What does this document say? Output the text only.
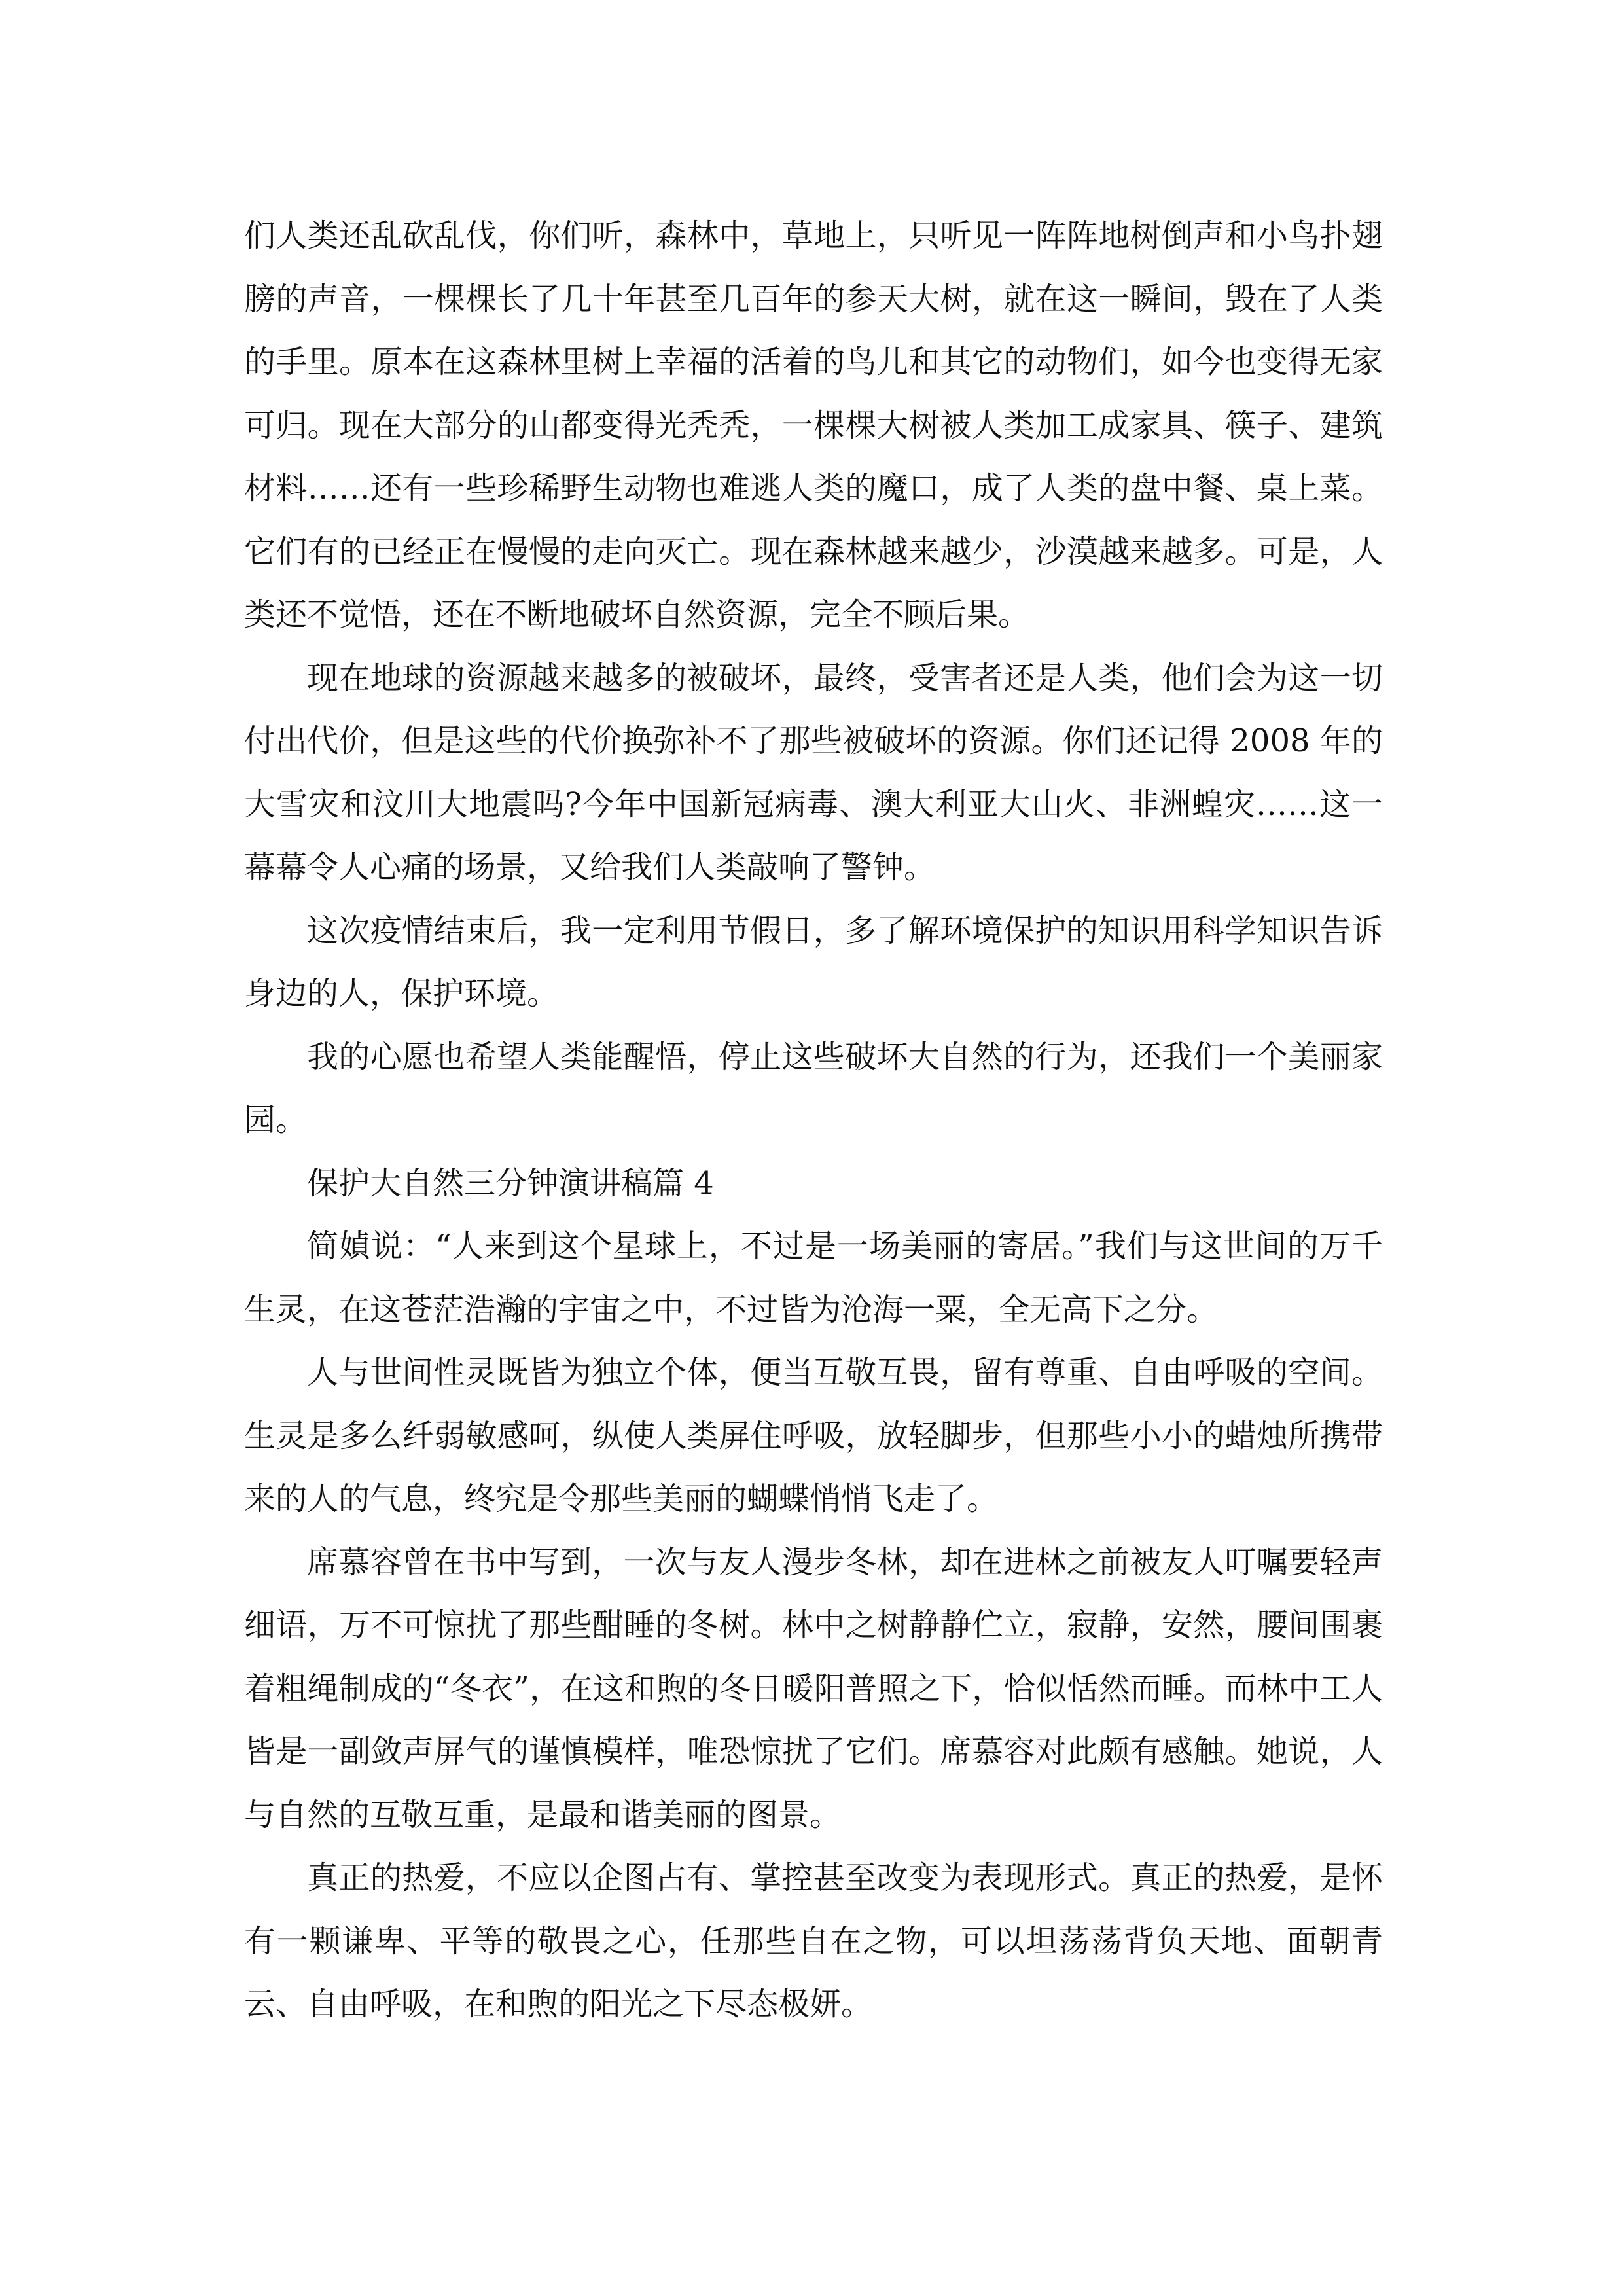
们人类还乱砍乱伐，你们听，森林中，草地上，只听见一阵阵地树倒声和小鸟扑翅膀的声音，一棵棵长了几十年甚至几百年的参天大树，就在这一瞬间，毁在了人类的手里。原本在这森林里树上幸福的活着的鸟儿和其它的动物们，如今也变得无家可归。现在大部分的山都变得光秃秃，一棵棵大树被人类加工成家具、筷子、建筑材料……还有一些珍稀野生动物也难逃人类的魔口，成了人类的盘中餐、桌上菜。它们有的已经正在慢慢的走向灭亡。现在森林越来越少，沙漠越来越多。可是，人类还不觉悟，还在不断地破坏自然资源，完全不顾后果。

现在地球的资源越来越多的被破坏，最终，受害者还是人类，他们会为这一切付出代价，但是这些的代价换弥补不了那些被破坏的资源。你们还记得 2008 年的大雪灾和汶川大地震吗?今年中国新冠病毒、澳大利亚大山火、非洲蝗灾……这一幕幕令人心痛的场景，又给我们人类敲响了警钟。

这次疫情结束后，我一定利用节假日，多了解环境保护的知识用科学知识告诉身边的人，保护环境。

我的心愿也希望人类能醒悟，停止这些破坏大自然的行为，还我们一个美丽家园。

保护大自然三分钟演讲稿篇 4

简媜说：“人来到这个星球上，不过是一场美丽的寄居。”我们与这世间的万千生灵，在这苍茫浩瀚的宇宙之中，不过皆为沧海一粟，全无高下之分。

人与世间性灵既皆为独立个体，便当互敬互畏，留有尊重、自由呼吸的空间。生灵是多么纤弱敏感呵，纵使人类屏住呼吸，放轻脚步，但那些小小的蜡烛所携带来的人的气息，终究是令那些美丽的蝴蝶悄悄飞走了。

席慕容曾在书中写到，一次与友人漫步冬林，却在进林之前被友人叮嘱要轻声细语，万不可惊扰了那些酣睡的冬树。林中之树静静伫立，寂静，安然，腰间围裹着粗绳制成的“冬衣”，在这和煦的冬日暖阳普照之下，恰似恬然而睡。而林中工人皆是一副敛声屏气的谨慎模样，唯恐惊扰了它们。席慕容对此颇有感触。她说，人与自然的互敬互重，是最和谐美丽的图景。

真正的热爱，不应以企图占有、掌控甚至改变为表现形式。真正的热爱，是怀有一颗谦卑、平等的敬畏之心，任那些自在之物，可以坦荡荡背负天地、面朝青云、自由呼吸，在和煦的阳光之下尽态极妍。
